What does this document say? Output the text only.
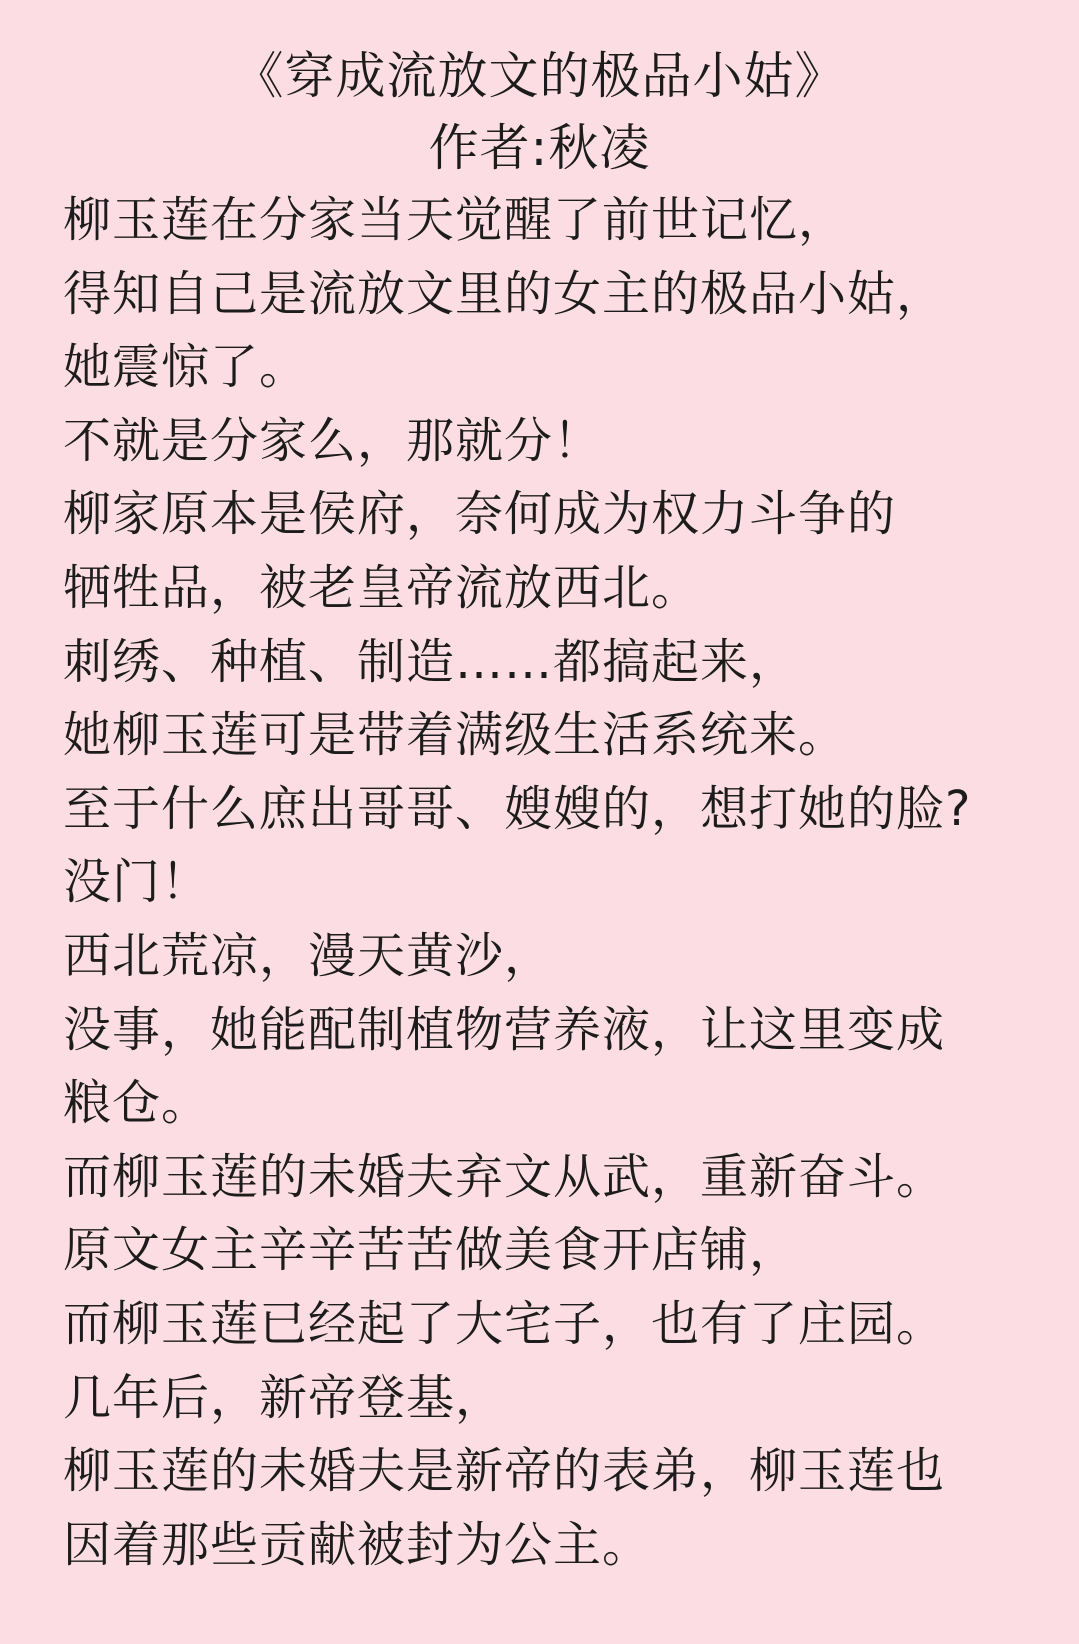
《穿成流放文的极品小姑》

作者:秋凌

柳玉莲在分家当天觉醒了前世记忆，

得知自己是流放文里的女主的极品小姑，

她震惊了。

不就是分家么，那就分！

柳家原本是侯府，奈何成为权力斗争的

牺牲品，被老皇帝流放西北。

刺绣、种植、制造……都搞起来，

她柳玉莲可是带着满级生活系统来。

至于什么庶出哥哥、嫂嫂的，想打她的脸?

没门！

西北荒凉，漫天黄沙，

没事，她能配制植物营养液，让这里变成

粮仓。

而柳玉莲的未婚夫弃文从武，重新奋斗。

原文女主辛辛苦苦做美食开店铺，

而柳玉莲已经起了大宅子，也有了庄园。

几年后，新帝登基，

柳玉莲的未婚夫是新帝的表弟，柳玉莲也

因着那些贡献被封为公主。
